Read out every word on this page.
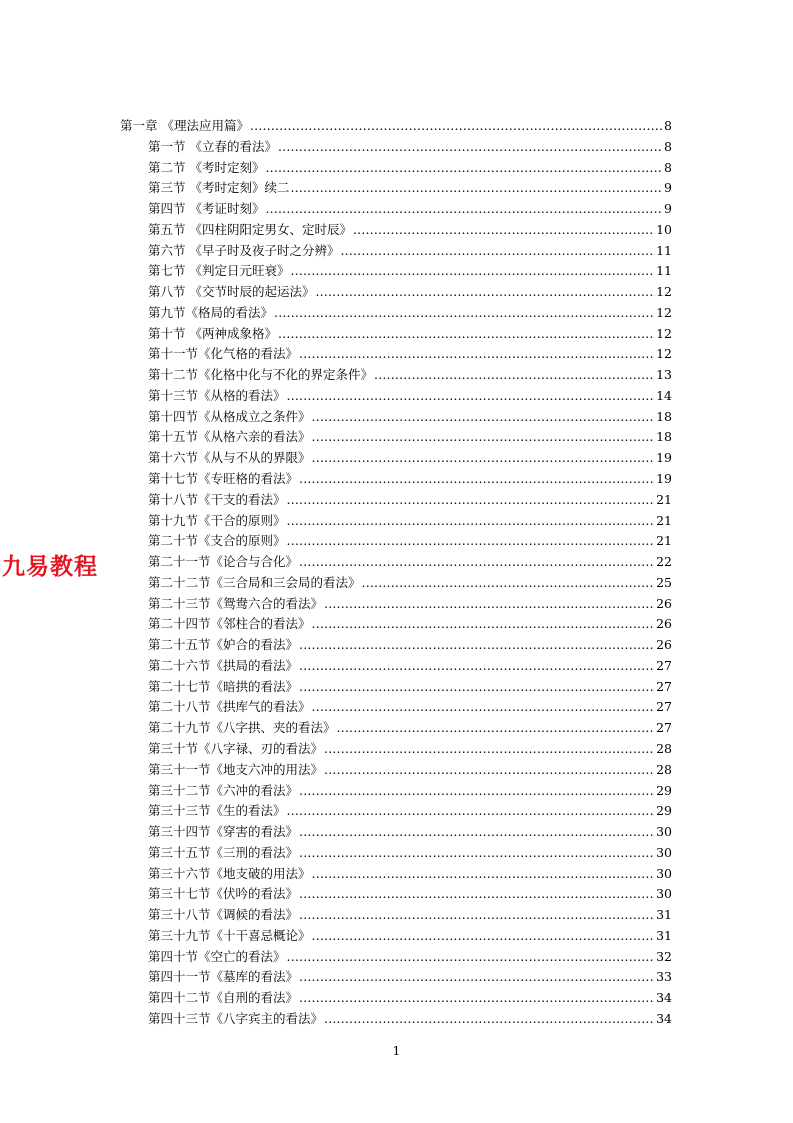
第一章 《理法应用篇》 .....	8
第一节 《立春的看法》 .....	8
第二节 《考时定刻》 .....	8
第三节 《考时定刻》续二 .....	9
第四节 《考证时刻》 .....	9
第五节 《四柱阴阳定男女、定时辰》 .....	10
第六节 《早子时及夜子时之分辨》 .....	11
第七节 《判定日元旺衰》 .....	11
第八节 《交节时辰的起运法》 .....	12
第九节《格局的看法》 .....	12
第十节 《两神成象格》 .....	12
第十一节《化气格的看法》 .....	12
第十二节《化格中化与不化的界定条件》 .....	13
第十三节《从格的看法》 .....	14
第十四节《从格成立之条件》 .....	18
第十五节《从格六亲的看法》 .....	18
第十六节《从与不从的界限》 .....	19
第十七节《专旺格的看法》 .....	19
第十八节《干支的看法》 .....	21
第十九节《干合的原则》 .....	21
第二十节《支合的原则》 .....	21
第二十一节《论合与合化》 .....	22
第二十二节《三合局和三会局的看法》 .....	25
第二十三节《鸳鸯六合的看法》 .....	26
第二十四节《邻柱合的看法》 .....	26
第二十五节《妒合的看法》 .....	26
第二十六节《拱局的看法》 .....	27
第二十七节《暗拱的看法》 .....	27
第二十八节《拱库气的看法》 .....	27
第二十九节《八字拱、夹的看法》 .....	27
第三十节《八字禄、刃的看法》 .....	28
第三十一节《地支六冲的用法》 .....	28
第三十二节《六冲的看法》 .....	29
第三十三节《生的看法》 .....	29
第三十四节《穿害的看法》 .....	30
第三十五节《三刑的看法》 .....	30
第三十六节《地支破的用法》 .....	30
第三十七节《伏吟的看法》 .....	30
第三十八节《调候的看法》 .....	31
第三十九节《十干喜忌概论》 .....	31
第四十节《空亡的看法》 .....	32
第四十一节《墓库的看法》 .....	33
第四十二节《自刑的看法》 .....	34
第四十三节《八字宾主的看法》 .....	34
九易教程
1
